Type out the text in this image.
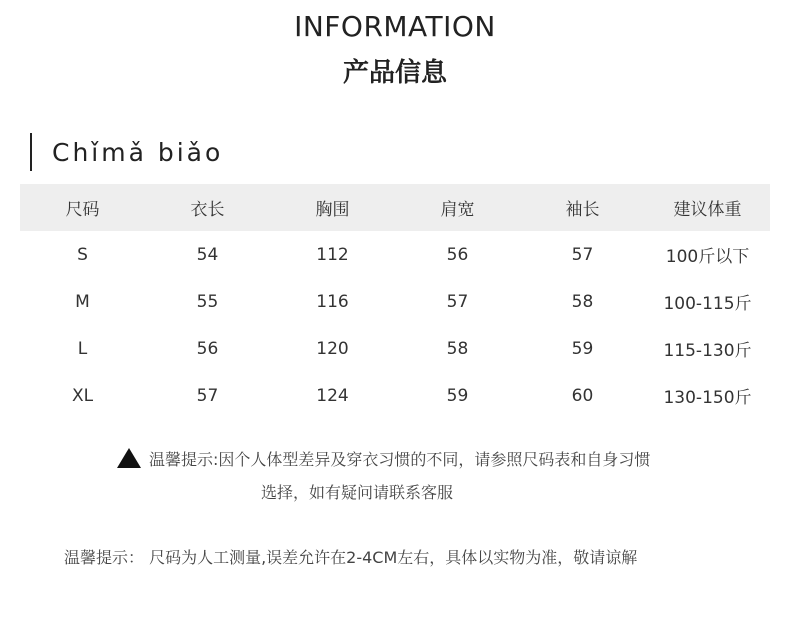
INFORMATION
产品信息
Chǐmǎ biǎo
尺码	衣长	胸围	肩宽	袖长	建议体重
S	54	112	56	57	100斤以下
M	55	116	57	58	100-115斤
L	56	120	58	59	115-130斤
XL	57	124	59	60	130-150斤
温馨提示:因个人体型差异及穿衣习惯的不同，请参照尺码表和自身习惯
选择，如有疑问请联系客服
温馨提示： 尺码为人工测量,误差允许在2-4CM左右，具体以实物为准，敬请谅解
